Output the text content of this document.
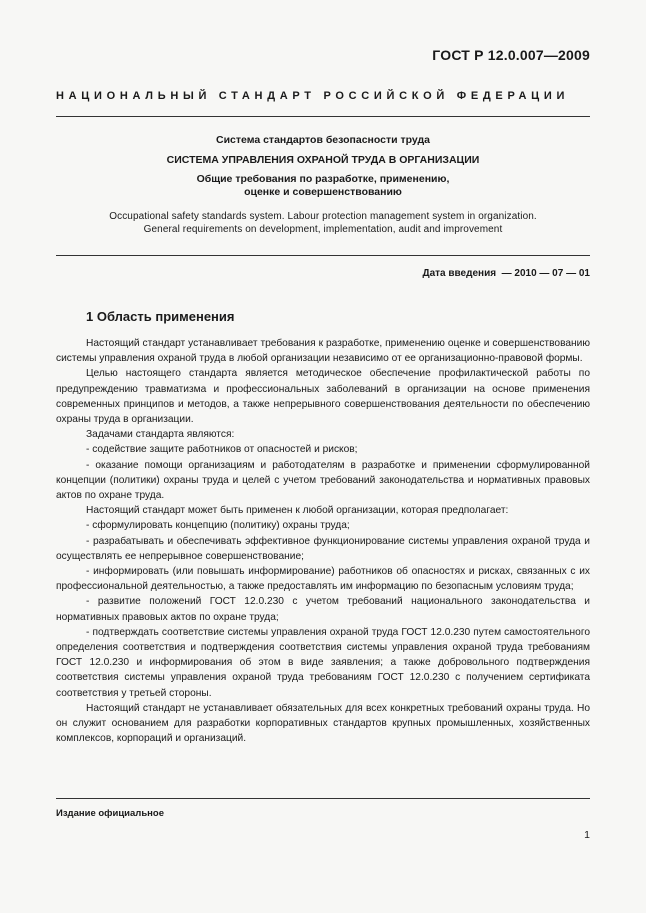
ГОСТ Р 12.0.007—2009
НАЦИОНАЛЬНЫЙ СТАНДАРТ РОССИЙСКОЙ ФЕДЕРАЦИИ
Система стандартов безопасности труда
СИСТЕМА УПРАВЛЕНИЯ ОХРАНОЙ ТРУДА В ОРГАНИЗАЦИИ
Общие требования по разработке, применению,
оценке и совершенствованию
Occupational safety standards system. Labour protection management system in organization.
General requirements on development, implementation, audit and improvement
Дата введения  — 2010 — 07 — 01
1 Область применения

Настоящий стандарт устанавливает требования к разработке, применению оценке и совершенствованию системы управления охраной труда в любой организации независимо от ее организационно-правовой формы.

Целью настоящего стандарта является методическое обеспечение профилактической работы по предупреждению травматизма и профессиональных заболеваний в организации на основе применения современных принципов и методов, а также непрерывного совершенствования деятельности по обеспечению охраны труда в организации.

Задачами стандарта являются:

- содействие защите работников от опасностей и рисков;

- оказание помощи организациям и работодателям в разработке и применении сформулированной концепции (политики) охраны труда и целей с учетом требований законодательства и нормативных правовых актов по охране труда.

Настоящий стандарт может быть применен к любой организации, которая предполагает:

- сформулировать концепцию (политику) охраны труда;

- разрабатывать и обеспечивать эффективное функционирование системы управления охраной труда и осуществлять ее непрерывное совершенствование;

- информировать (или повышать информирование) работников об опасностях и рисках, связанных с их профессиональной деятельностью, а также предоставлять им информацию по безопасным условиям труда;

- развитие положений ГОСТ 12.0.230 с учетом требований национального законодательства и нормативных правовых актов по охране труда;

- подтверждать соответствие системы управления охраной труда ГОСТ 12.0.230 путем самостоятельного определения соответствия и подтверждения соответствия системы управления охраной труда требованиям ГОСТ 12.0.230 и информирования об этом в виде заявления; а также добровольного подтверждения соответствия системы управления охраной труда требованиям ГОСТ 12.0.230 с получением сертификата соответствия у третьей стороны.

Настоящий стандарт не устанавливает обязательных для всех конкретных требований охраны труда. Но он служит основанием для разработки корпоративных стандартов крупных промышленных, хозяйственных комплексов, корпораций и организаций.

Издание официальное
1
